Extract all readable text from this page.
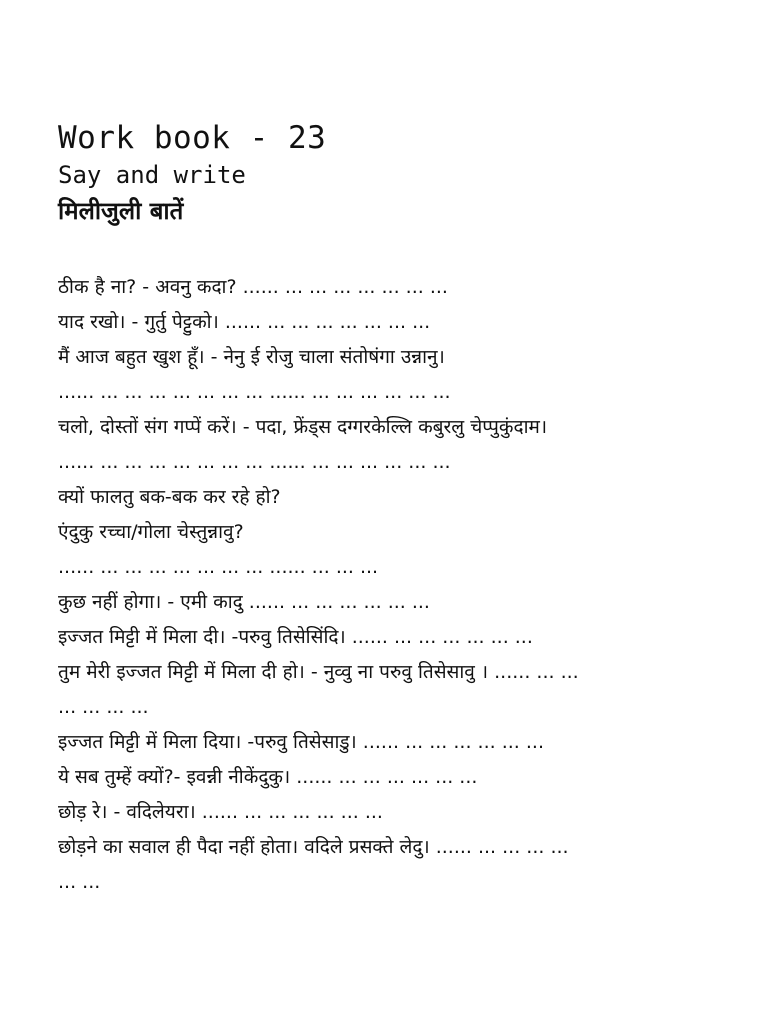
Work book - 23
Say and write
मिलीजुली बातें
ठीक है ना? - अवनु कदा? ...... ... ... ... ... ... ... ...
याद रखो। - गुर्तु पेट्टुको। ...... ... ... ... ... ... ... ...
मैं आज बहुत खुश हूँ। - नेनु ई रोजु चाला संतोषंगा उन्नानु।
...... ... ... ... ... ... ... ... ...... ... ... ... ... ... ...
चलो, दोस्तों संग गप्पें करें। - पदा, फ्रेंड्स दग्गरकेल्लि कबुरलु चेप्पुकुंदाम।
...... ... ... ... ... ... ... ... ...... ... ... ... ... ... ...
क्यों फालतु बक-बक कर रहे हो?
एंदुकु रच्चा/गोला चेस्तुन्नावु?
...... ... ... ... ... ... ... ... ...... ... ... ...
कुछ नहीं होगा। - एमी कादु ...... ... ... ... ... ... ...
इज्जत मिट्टी में मिला दी। -परुवु तिसेसिंदि। ...... ... ... ... ... ... ...
तुम मेरी इज्जत मिट्टी में मिला दी हो। - नुव्वु ना परुवु तिसेसावु । ...... ... ...
... ... ... ...
इज्जत मिट्टी में मिला दिया। -परुवु तिसेसाडु। ...... ... ... ... ... ... ...
ये सब तुम्हें क्यों?- इवन्नी नीकेंदुकु। ...... ... ... ... ... ... ...
छोड़ रे। - वदिलेयरा। ...... ... ... ... ... ... ...
छोड़ने का सवाल ही पैदा नहीं होता। वदिले प्रसक्ते लेदु। ...... ... ... ... ...
... ...
